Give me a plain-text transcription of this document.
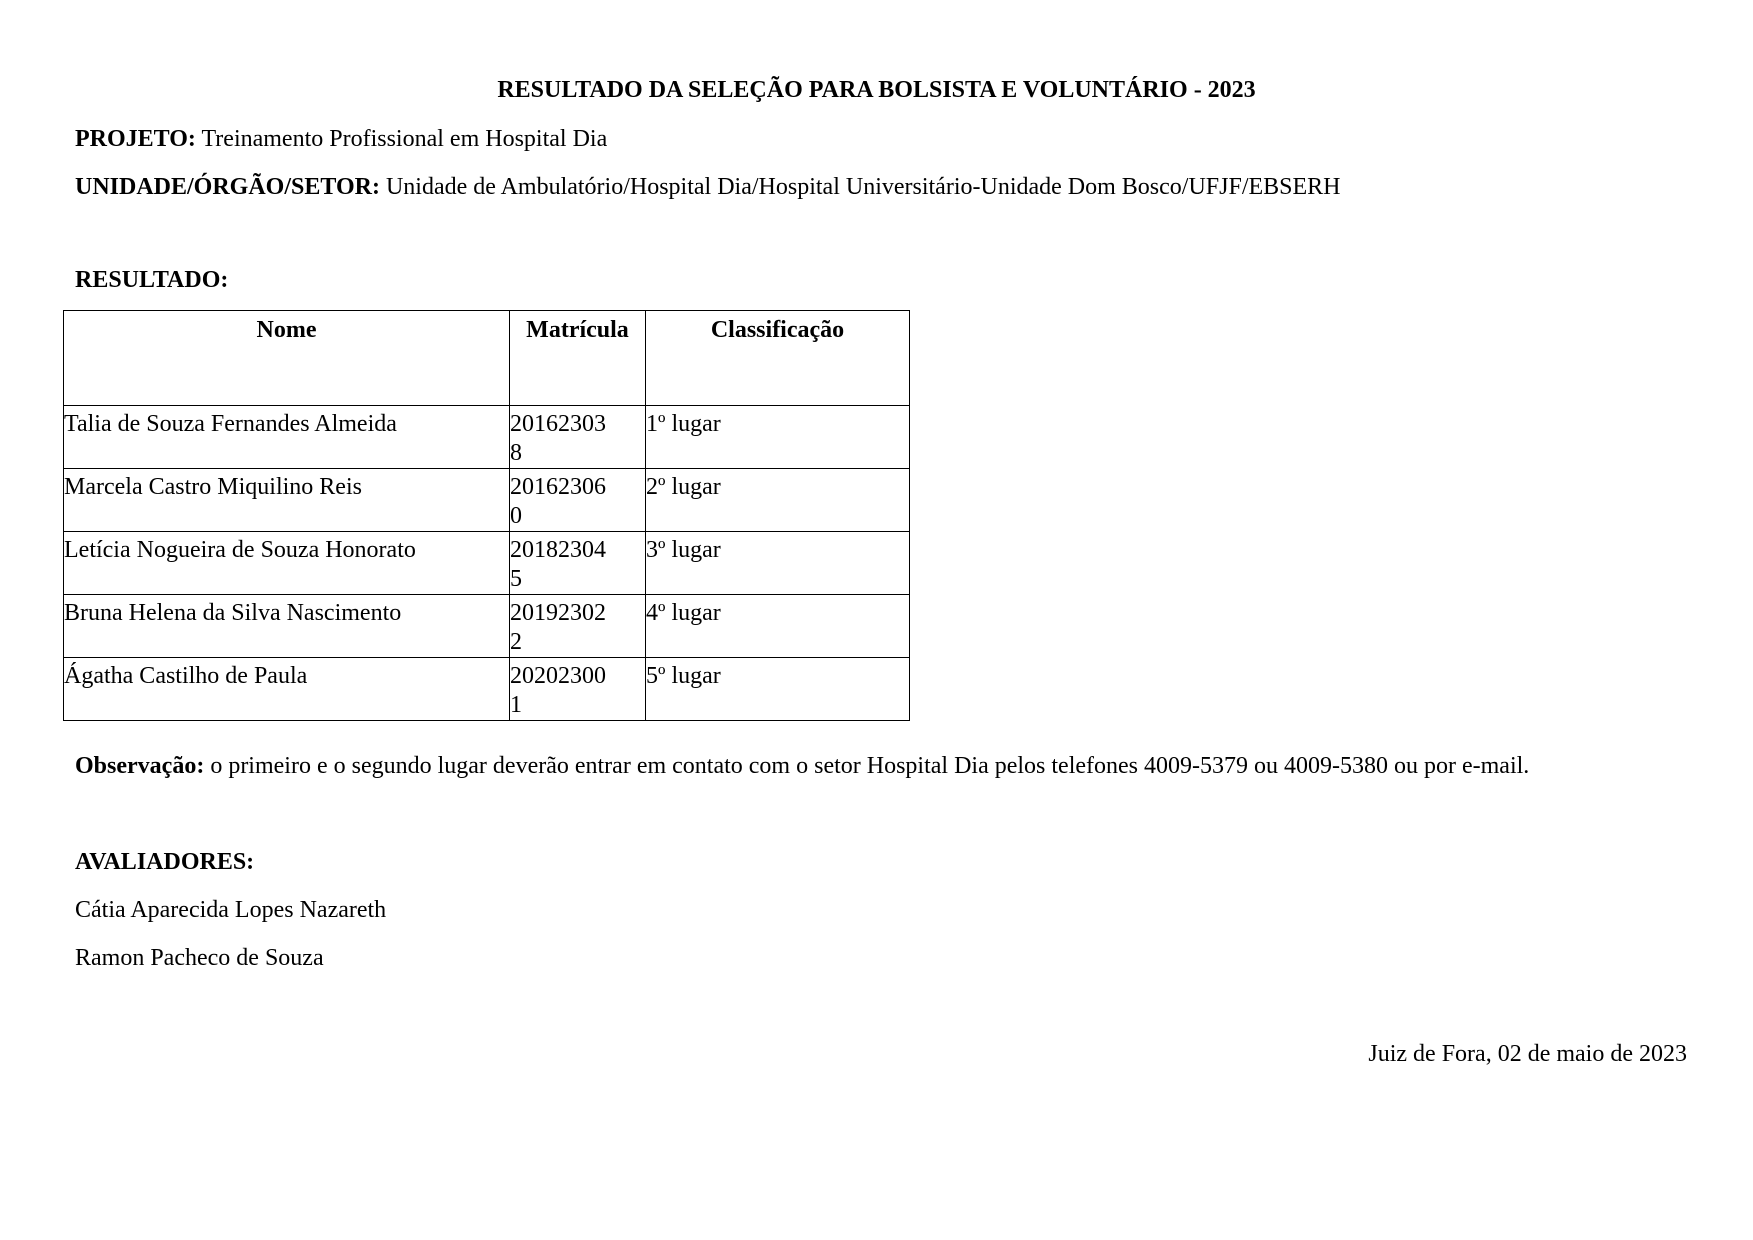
RESULTADO DA SELEÇÃO PARA BOLSISTA E VOLUNTÁRIO - 2023
PROJETO: Treinamento Profissional em Hospital Dia
UNIDADE/ÓRGÃO/SETOR: Unidade de Ambulatório/Hospital Dia/Hospital Universitário-Unidade Dom Bosco/UFJF/EBSERH
RESULTADO:
Nome	Matrícula	Classificação
Talia de Souza Fernandes Almeida	201623038	1º lugar
Marcela Castro Miquilino Reis	201623060	2º lugar
Letícia Nogueira de Souza Honorato	201823045	3º lugar
Bruna Helena da Silva Nascimento	201923022	4º lugar
Ágatha Castilho de Paula	202023001	5º lugar
Observação: o primeiro e o segundo lugar deverão entrar em contato com o setor Hospital Dia pelos telefones 4009-5379 ou 4009-5380 ou por e-mail.
AVALIADORES:
Cátia Aparecida Lopes Nazareth
Ramon Pacheco de Souza
Juiz de Fora, 02 de maio de 2023
